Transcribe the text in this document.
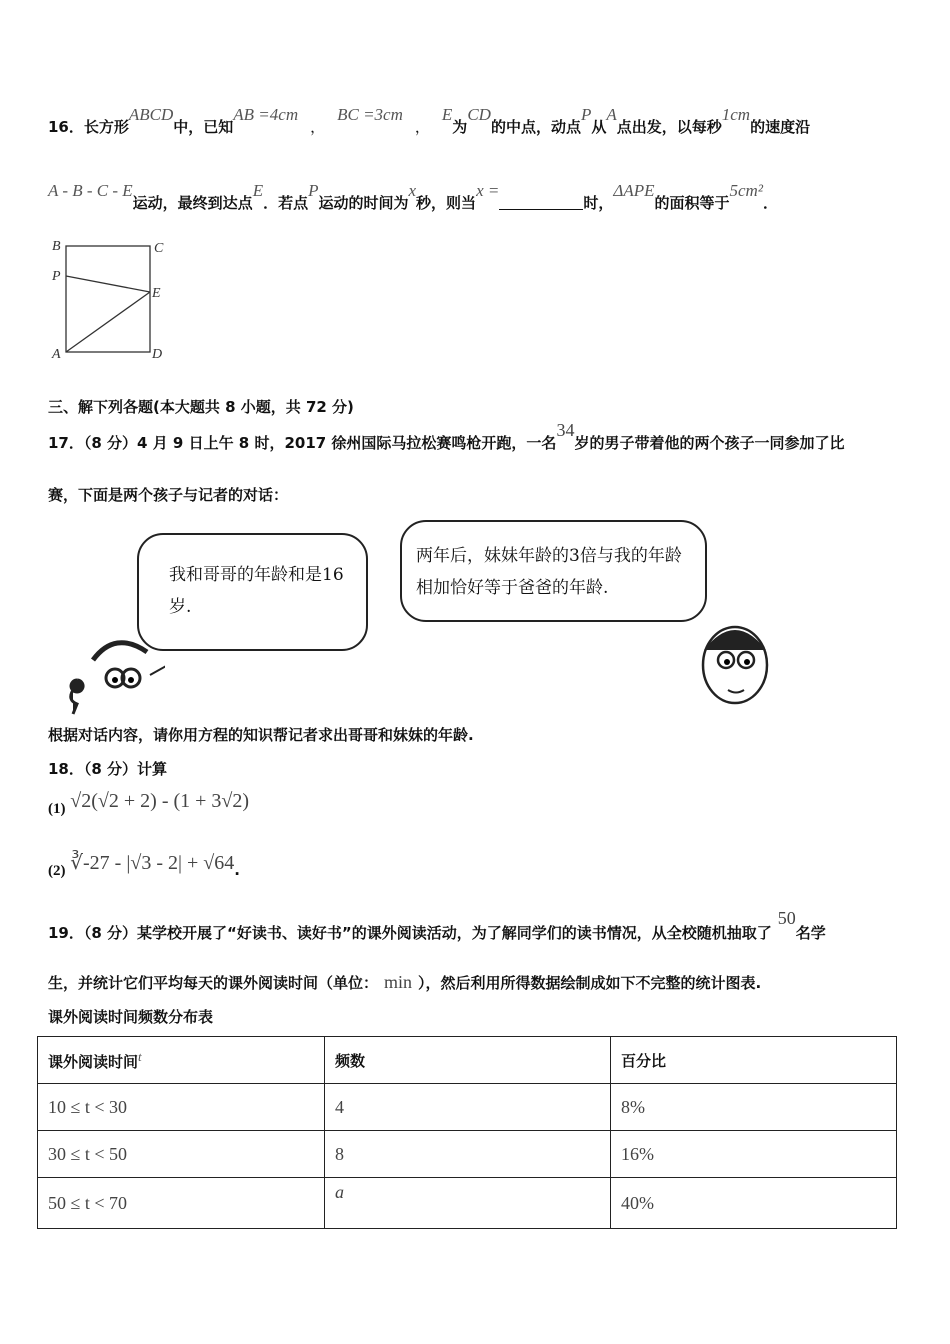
16．长方形ABCD中，已知AB =4cm，BC =3cm，E为CD的中点，动点P从A点出发，以每秒1cm的速度沿
A - B - C - E运动，最终到达点E．若点P运动的时间为x秒，则当x =时，ΔAPE的面积等于5cm²．
B	C
P
E
A	D
三、解下列各题(本大题共 8 小题，共 72 分)
17．（8 分）4 月 9 日上午 8 时，2017 徐州国际马拉松赛鸣枪开跑，一名34岁的男子带着他的两个孩子一同参加了比
赛，下面是两个孩子与记者的对话：
我和哥哥的年龄和是16岁.
两年后，妹妹年龄的3倍与我的年龄相加恰好等于爸爸的年龄.
根据对话内容，请你用方程的知识帮记者求出哥哥和妹妹的年龄.
18．（8 分）计算
(1) √2(√2 + 2) - (1 + 3√2)
(2) ∛-27 - |√3 - 2| + √64.
19．（8 分）某学校开展了“好读书、读好书”的课外阅读活动，为了解同学们的读书情况，从全校随机抽取了50名学
生，并统计它们平均每天的课外阅读时间（单位： min ），然后利用所得数据绘制成如下不完整的统计图表.
课外阅读时间频数分布表
课外阅读时间t	频数	百分比
10 ≤ t < 30	4	8%
30 ≤ t < 50	8	16%
50 ≤ t < 70	a	40%
